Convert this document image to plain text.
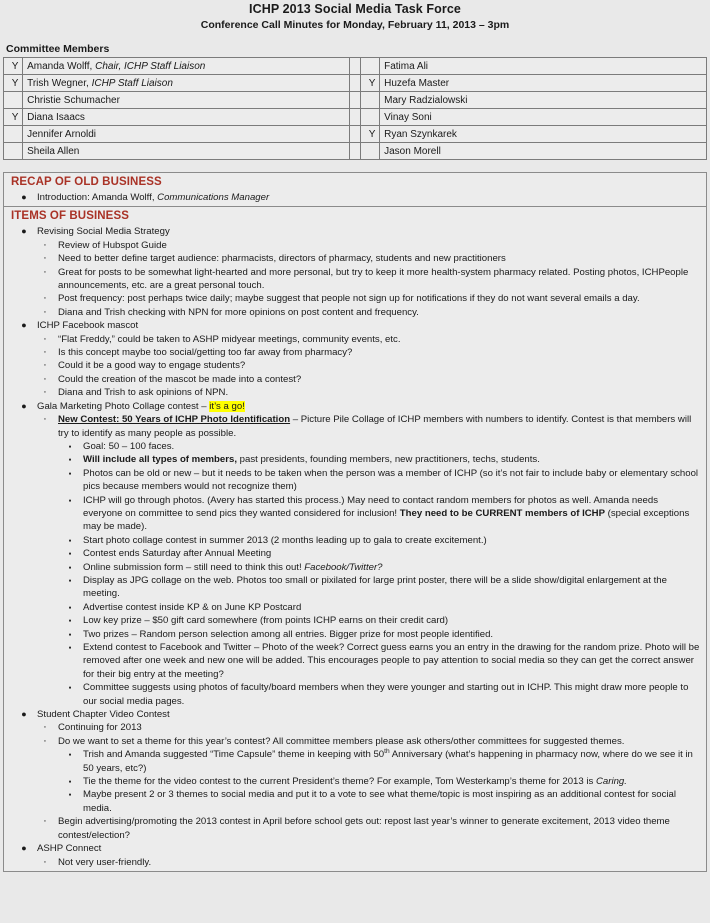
ICHP 2013 Social Media Task Force
Conference Call Minutes for Monday, February 11, 2013 – 3pm
Committee Members
Y	Amanda Wolff, Chair, ICHP Staff Liaison			Fatima Ali
Y	Trish Wegner, ICHP Staff Liaison		Y	Huzefa Master
	Christie Schumacher			Mary Radzialowski
Y	Diana Isaacs			Vinay Soni
	Jennifer Arnoldi		Y	Ryan Szynkarek
	Sheila Allen			Jason Morell
RECAP OF OLD BUSINESS
●	Introduction: Amanda Wolff, Communications Manager
ITEMS OF BUSINESS
●	Revising Social Media Strategy
·	Review of Hubspot Guide
·	Need to better define target audience: pharmacists, directors of pharmacy, students and new practitioners
·	Great for posts to be somewhat light-hearted and more personal, but try to keep it more health-system pharmacy related. Posting photos, ICHPeople announcements, etc. are a great personal touch.
·	Post frequency: post perhaps twice daily; maybe suggest that people not sign up for notifications if they do not want several emails a day.
·	Diana and Trish checking with NPN for more opinions on post content and frequency.
●	ICHP Facebook mascot
·	“Flat Freddy,” could be taken to ASHP midyear meetings, community events, etc.
·	Is this concept maybe too social/getting too far away from pharmacy?
·	Could it be a good way to engage students?
·	Could the creation of the mascot be made into a contest?
·	Diana and Trish to ask opinions of NPN.
●	Gala Marketing Photo Collage contest – it’s a go!
·	New Contest: 50 Years of ICHP Photo Identification – Picture Pile Collage of ICHP members with numbers to identify. Contest is that members will try to identify as many people as possible.
▪	Goal: 50 – 100 faces.
▪	Will include all types of members, past presidents, founding members, new practitioners, techs, students.
▪	Photos can be old or new – but it needs to be taken when the person was a member of ICHP (so it’s not fair to include baby or elementary school pics because members would not recognize them)
▪	ICHP will go through photos. (Avery has started this process.) May need to contact random members for photos as well. Amanda needs everyone on committee to send pics they wanted considered for inclusion! They need to be CURRENT members of ICHP (special exceptions may be made).
▪	Start photo collage contest in summer 2013 (2 months leading up to gala to create excitement.)
▪	Contest ends Saturday after Annual Meeting
▪	Online submission form – still need to think this out! Facebook/Twitter?
▪	Display as JPG collage on the web. Photos too small or pixilated for large print poster, there will be a slide show/digital enlargement at the meeting.
▪	Advertise contest inside KP & on June KP Postcard
▪	Low key prize – $50 gift card somewhere (from points ICHP earns on their credit card)
▪	Two prizes – Random person selection among all entries. Bigger prize for most people identified.
▪	Extend contest to Facebook and Twitter – Photo of the week? Correct guess earns you an entry in the drawing for the random prize. Photo will be removed after one week and new one will be added. This encourages people to pay attention to social media so they can get the correct answer for their big entry at the meeting?
▪	Committee suggests using photos of faculty/board members when they were younger and starting out in ICHP. This might draw more people to our social media pages.
●	Student Chapter Video Contest
·	Continuing for 2013
·	Do we want to set a theme for this year’s contest? All committee members please ask others/other committees for suggested themes.
▪	Trish and Amanda suggested “Time Capsule” theme in keeping with 50th Anniversary (what’s happening in pharmacy now, where do we see it in 50 years, etc?)
▪	Tie the theme for the video contest to the current President’s theme? For example, Tom Westerkamp’s theme for 2013 is Caring.
▪	Maybe present 2 or 3 themes to social media and put it to a vote to see what theme/topic is most inspiring as an additional contest for social media.
·	Begin advertising/promoting the 2013 contest in April before school gets out: repost last year’s winner to generate excitement, 2013 video theme contest/election?
●	ASHP Connect
·	Not very user-friendly.
